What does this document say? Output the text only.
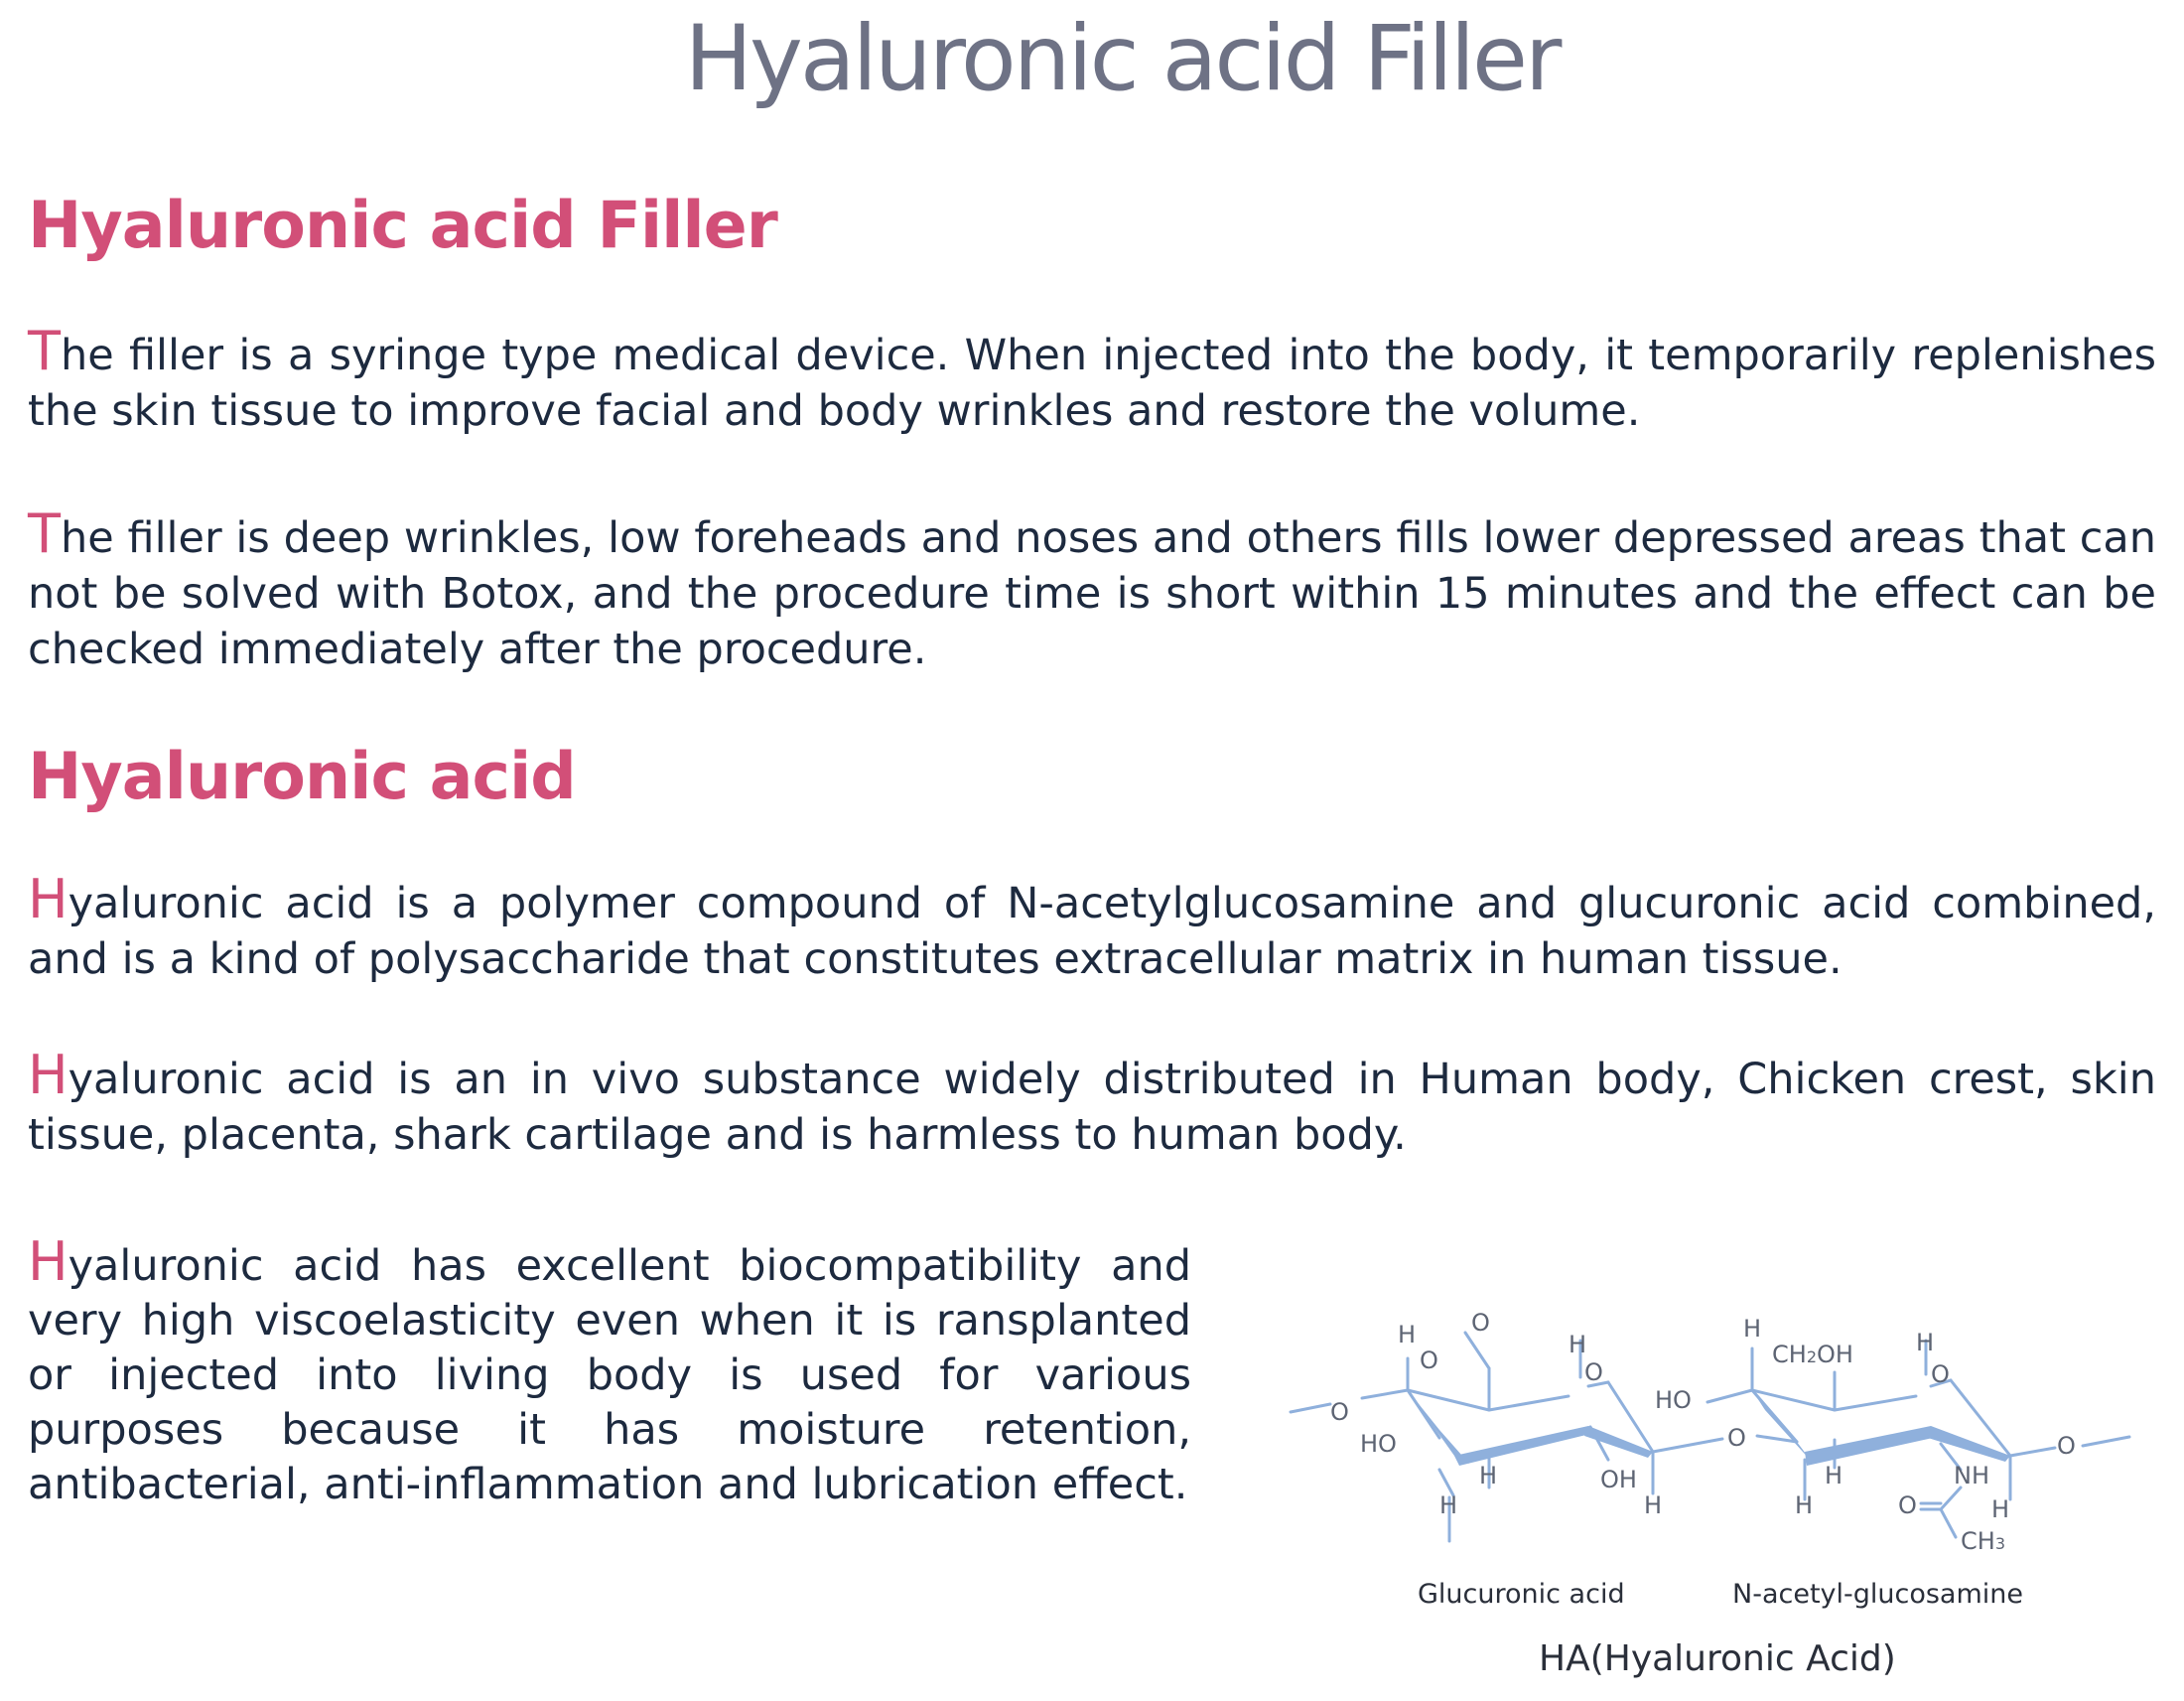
Hyaluronic acid Filler
Hyaluronic acid Filler

The filler is a syringe type medical device. When injected into the body, it temporarily replenishes the skin tissue to improve facial and body wrinkles and restore the volume.

The filler is deep wrinkles, low foreheads and noses and others fills lower depressed areas that can not be solved with Botox, and the procedure time is short within 15 minutes and the effect can be checked immediately after the procedure.

Hyaluronic acid

Hyaluronic acid is a polymer compound of N-acetylglucosamine and glucuronic acid combined, and is a kind of polysaccharide that constitutes extracellular matrix in human tissue.

Hyaluronic acid is an in vivo substance widely distributed in Human body, Chicken crest, skin tissue, placenta, shark cartilage and is harmless to human body.

Hyaluronic acid has excellent biocompatibility and very high viscoelasticity even when it is ransplanted or injected into living body is used for various purposes because it has moisture retention, antibacterial, anti-inflammation and lubrication effect.

O
H
O
O
H
O
HO
H
H
OH
H
O
HO
H
CH2OH	H
O
H
H
NH
O	H
CH3
O
Glucuronic acid	N-acetyl-glucosamine
HA(Hyaluronic Acid)
